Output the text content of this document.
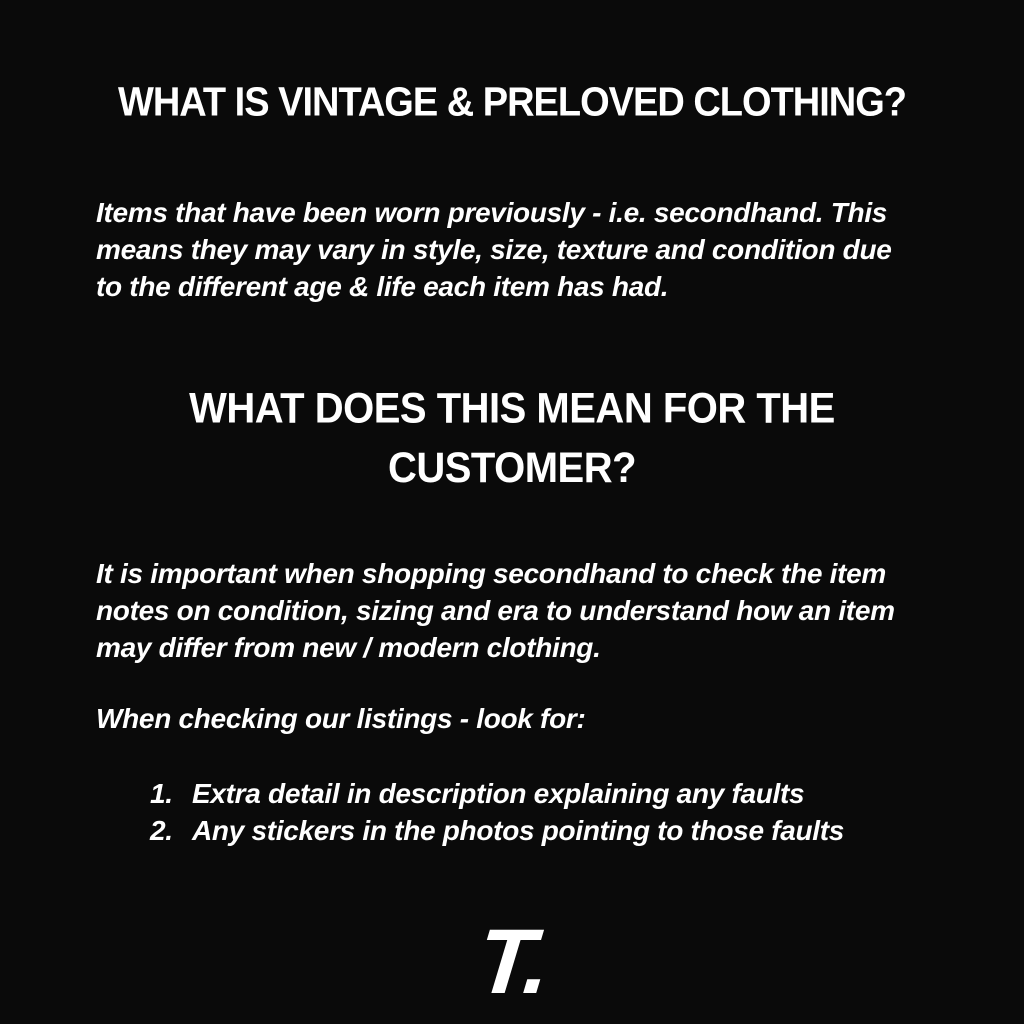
WHAT IS VINTAGE & PRELOVED CLOTHING?
Items that have been worn previously - i.e. secondhand. This
means they may vary in style, size, texture and condition due
to the different age & life each item has had.
WHAT DOES THIS MEAN FOR THE
CUSTOMER?
It is important when shopping secondhand to check the item
notes on condition, sizing and era to understand how an item
may differ from new / modern clothing.
When checking our listings - look for:
1. Extra detail in description explaining any faults
2. Any stickers in the photos pointing to those faults
T.
